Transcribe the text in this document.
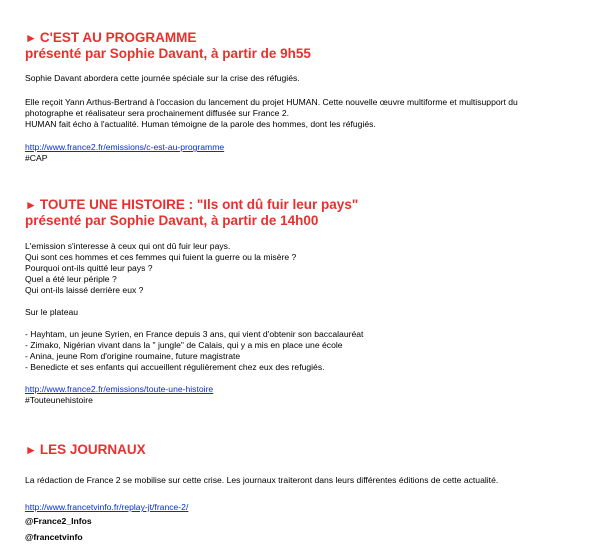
► C'EST AU PROGRAMME
présenté par Sophie Davant, à partir de 9h55

Sophie Davant abordera cette journée spéciale sur la crise des réfugiés.

Elle reçoit Yann Arthus-Bertrand à l'occasion du lancement du projet HUMAN. Cette nouvelle œuvre multiforme et multisupport du
photographe et réalisateur sera prochainement diffusée sur France 2.
HUMAN fait écho à l'actualité. Human témoigne de la parole des hommes, dont les réfugiés.
http://www.france2.fr/emissions/c-est-au-programme
#CAP
► TOUTE UNE HISTOIRE : "Ils ont dû fuir leur pays"
présenté par Sophie Davant, à partir de 14h00
L'emission s'interesse à ceux qui ont dû fuir leur pays.
Qui sont ces hommes et ces femmes qui fuient la guerre ou la misère ?
Pourquoi ont-ils quitté leur pays ?
Quel a été leur périple ?
Qui ont-ils laissé derrière eux ?

Sur le plateau

- Hayhtam, un jeune Syrien, en France depuis 3 ans, qui vient d'obtenir son baccalauréat
- Zimako, Nigérian vivant dans la " jungle" de Calais, qui y a mis en place une école
- Anina, jeune Rom d'origine roumaine, future magistrate
- Benedicte et ses enfants qui accueillent régulièrement chez eux des refugiés.
http://www.france2.fr/emissions/toute-une-histoire
#Touteunehistoire
► LES JOURNAUX

La rédaction de France 2 se mobilise sur cette crise. Les journaux traiteront dans leurs différentes éditions de cette actualité.

http://www.francetvinfo.fr/replay-jt/france-2/
@France2_Infos
@francetvinfo
